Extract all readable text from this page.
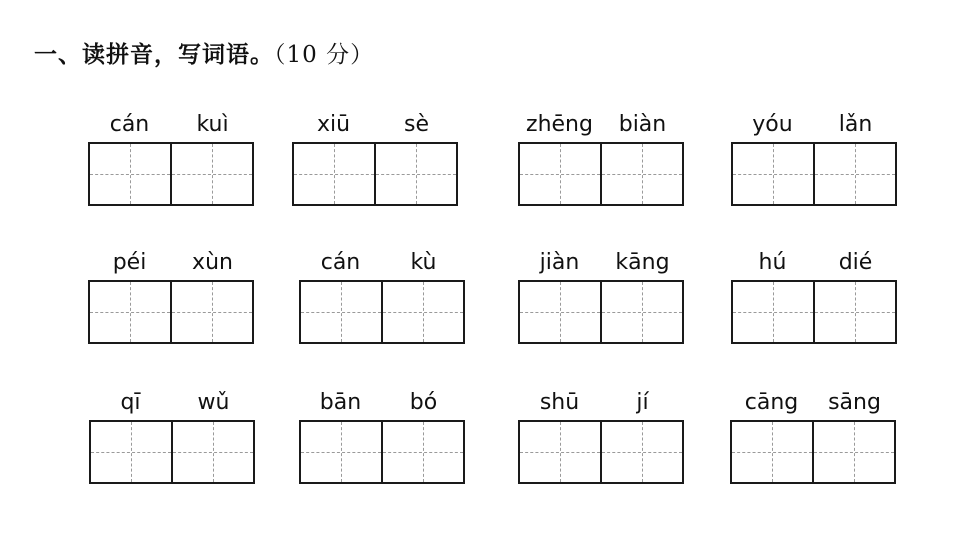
一、读拼音，写词语。（10 分）
cán	kuì	xiū	sè	zhēng	biàn	yóu	lǎn
péi	xùn	cán	kù	jiàn	kāng	hú	dié
qī	wǔ	bān	bó	shū	jí	cāng	sāng
